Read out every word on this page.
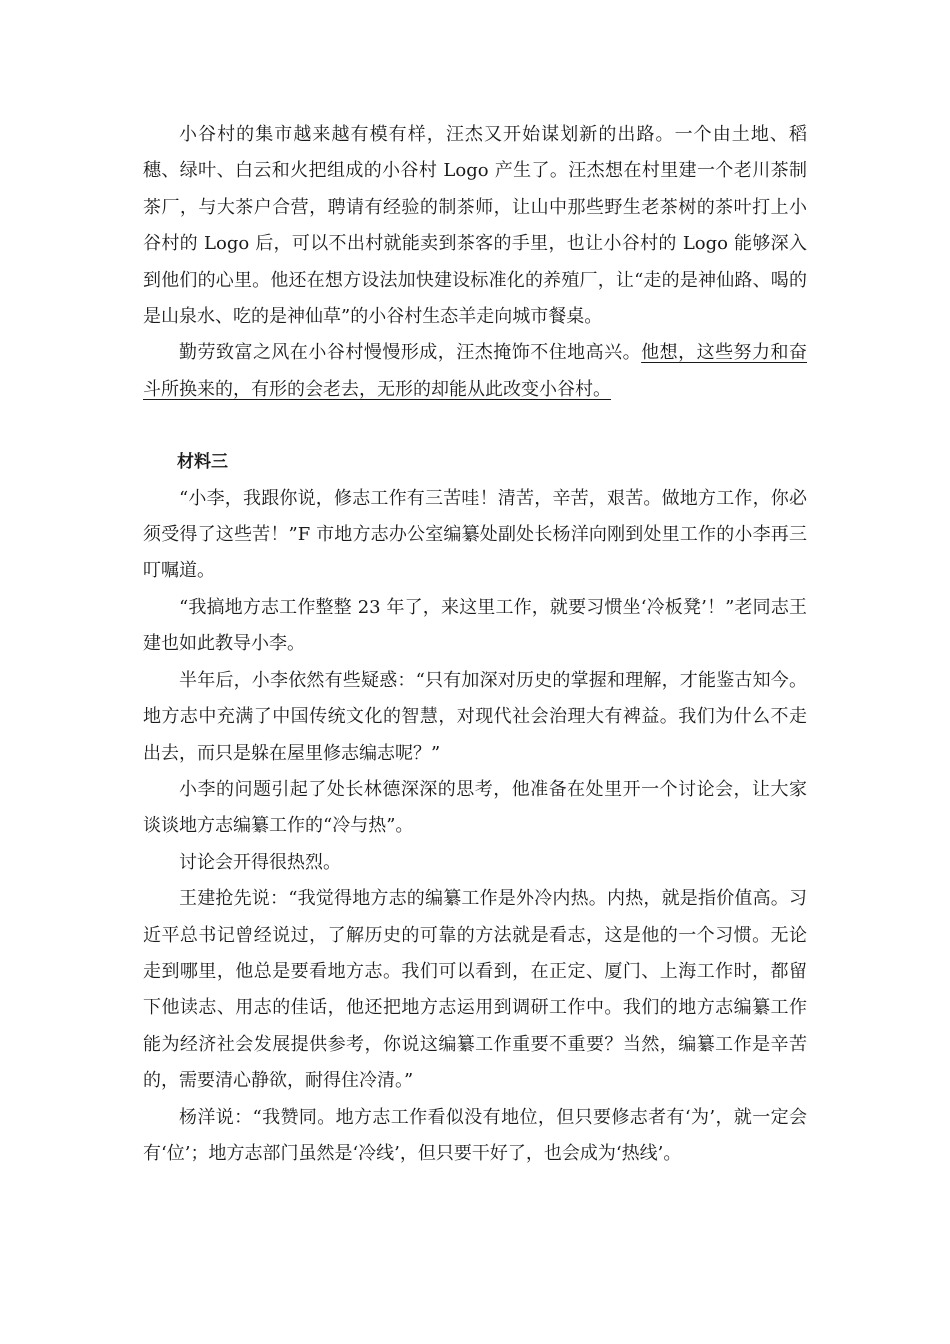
小谷村的集市越来越有模有样，汪杰又开始谋划新的出路。一个由土地、稻穗、绿叶、白云和火把组成的小谷村 Logo 产生了。汪杰想在村里建一个老川茶制茶厂，与大茶户合营，聘请有经验的制茶师，让山中那些野生老茶树的茶叶打上小谷村的 Logo 后，可以不出村就能卖到茶客的手里，也让小谷村的 Logo 能够深入到他们的心里。他还在想方设法加快建设标准化的养殖厂，让“走的是神仙路、喝的是山泉水、吃的是神仙草”的小谷村生态羊走向城市餐桌。

勤劳致富之风在小谷村慢慢形成，汪杰掩饰不住地高兴。他想，这些努力和奋斗所换来的，有形的会老去，无形的却能从此改变小谷村。

材料三

“小李，我跟你说，修志工作有三苦哇！清苦，辛苦，艰苦。做地方工作，你必须受得了这些苦！”F 市地方志办公室编纂处副处长杨洋向刚到处里工作的小李再三叮嘱道。

“我搞地方志工作整整 23 年了，来这里工作，就要习惯坐‘冷板凳’！”老同志王建也如此教导小李。

半年后，小李依然有些疑惑：“只有加深对历史的掌握和理解，才能鉴古知今。地方志中充满了中国传统文化的智慧，对现代社会治理大有裨益。我们为什么不走出去，而只是躲在屋里修志编志呢？”

小李的问题引起了处长林德深深的思考，他准备在处里开一个讨论会，让大家谈谈地方志编纂工作的“冷与热”。

讨论会开得很热烈。

王建抢先说：“我觉得地方志的编纂工作是外冷内热。内热，就是指价值高。习近平总书记曾经说过，了解历史的可靠的方法就是看志，这是他的一个习惯。无论走到哪里，他总是要看地方志。我们可以看到，在正定、厦门、上海工作时，都留下他读志、用志的佳话，他还把地方志运用到调研工作中。我们的地方志编纂工作能为经济社会发展提供参考，你说这编纂工作重要不重要？当然，编纂工作是辛苦的，需要清心静欲，耐得住冷清。”

杨洋说：“我赞同。地方志工作看似没有地位，但只要修志者有‘为’，就一定会有‘位’；地方志部门虽然是‘冷线’，但只要干好了，也会成为‘热线’。
